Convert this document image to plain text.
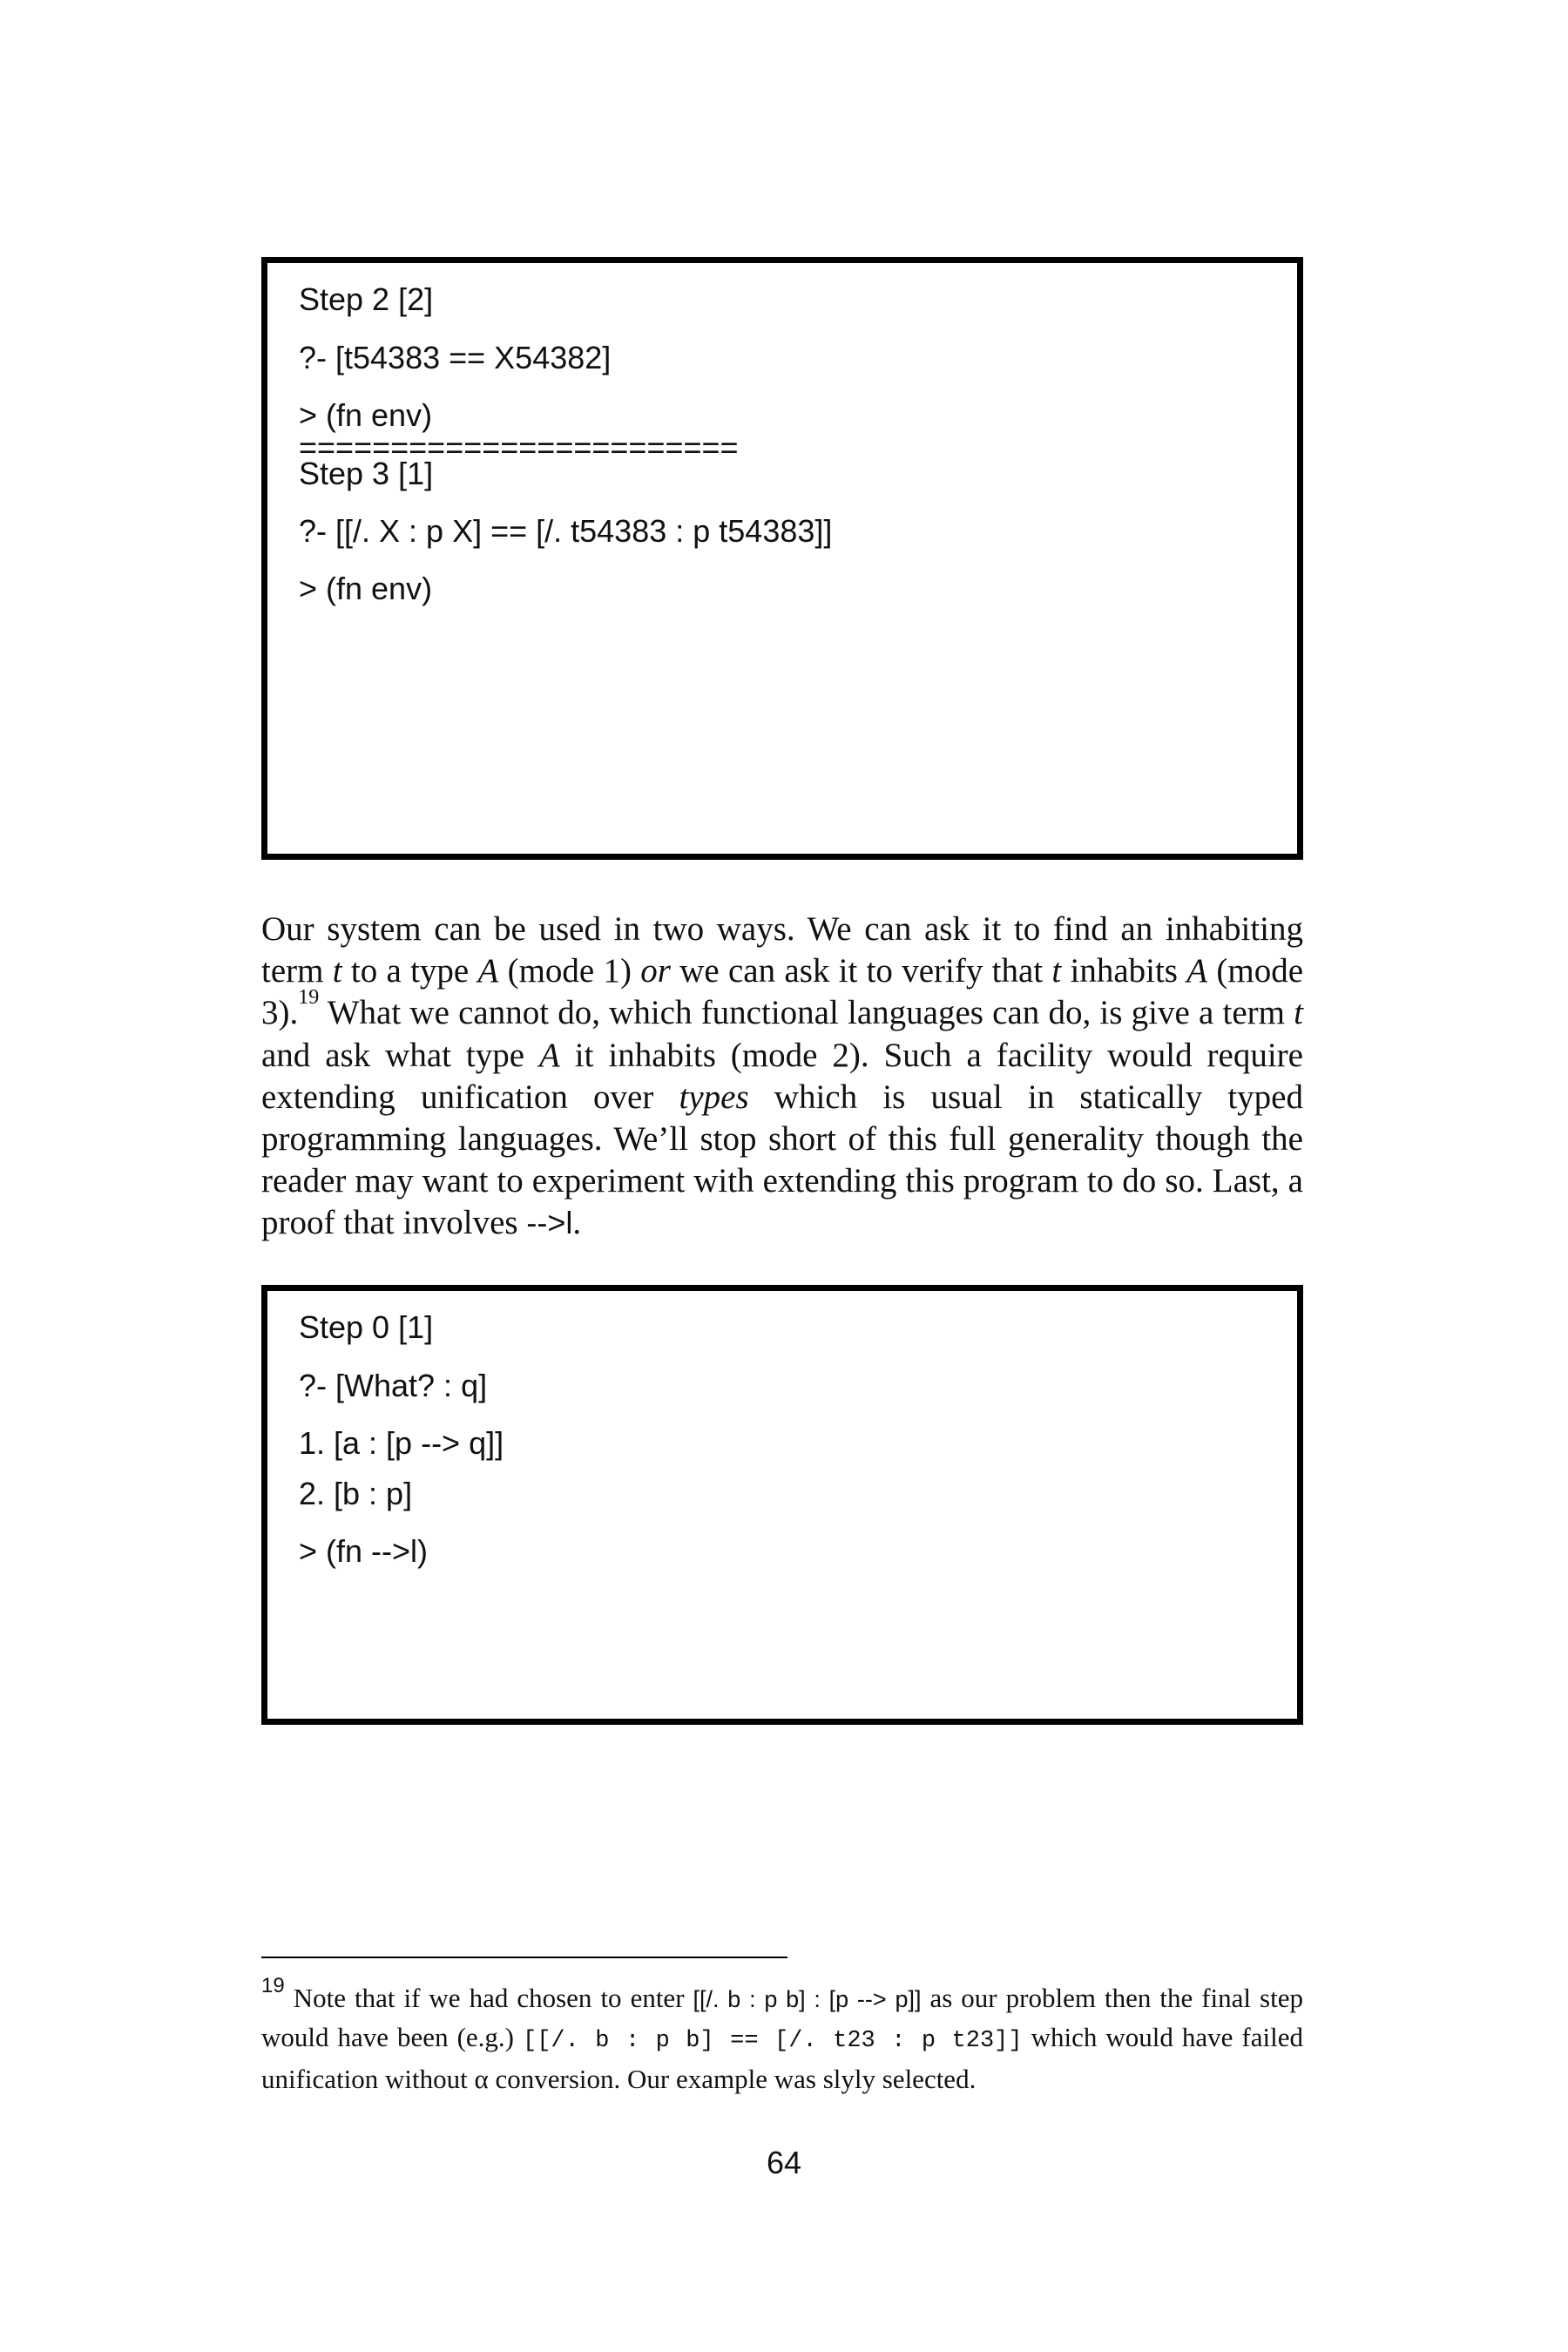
Step 2 [2]
?- [t54383 == X54382]
> (fn env)
========================
Step 3 [1]
?- [[/. X : p X] == [/. t54383 : p t54383]]
> (fn env)
Our system can be used in two ways. We can ask it to find an inhabiting term t to a type A (mode 1) or we can ask it to verify that t inhabits A (mode 3).$^{19}$ What we cannot do, which functional languages can do, is give a term t and ask what type A it inhabits (mode 2). Such a facility would require extending unification over types which is usual in statically typed programming languages. We’ll stop short of this full generality though the reader may want to experiment with extending this program to do so. Last, a proof that involves -->l.
Step 0 [1]
?- [What? : q]
1. [a : [p --> q]]
2. [b : p]
> (fn -->l)
$^{19}$ Note that if we had chosen to enter [[/. b : p b] : [p --> p]] as our problem then the final step would have been (e.g.) [[/. b : p b] == [/. t23 : p t23]] which would have failed unification without α conversion. Our example was slyly selected.
64
